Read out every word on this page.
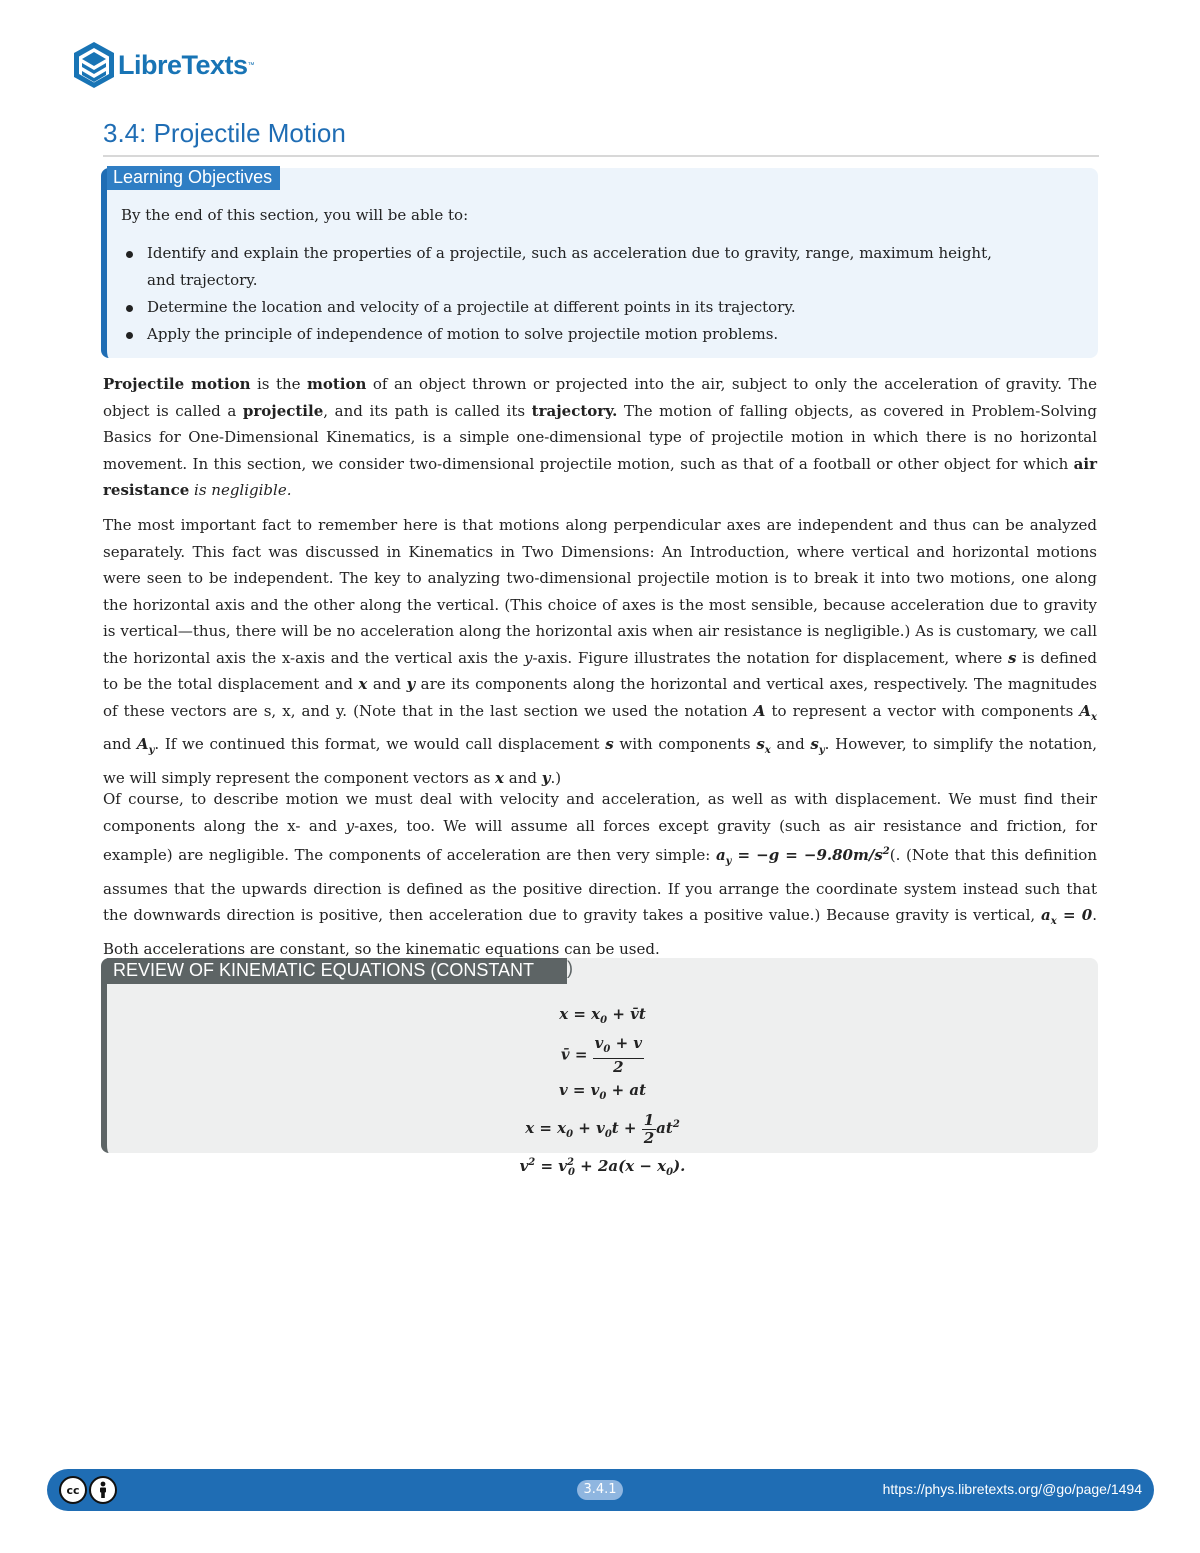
LibreTexts ™
3.4: Projectile Motion
Learning Objectives

By the end of this section, you will be able to:

Identify and explain the properties of a projectile, such as acceleration due to gravity, range, maximum height, and trajectory.
Determine the location and velocity of a projectile at different points in its trajectory.
Apply the principle of independence of motion to solve projectile motion problems.

Projectile motion is the motion of an object thrown or projected into the air, subject to only the acceleration of gravity. The object is called a projectile, and its path is called its trajectory. The motion of falling objects, as covered in Problem-Solving Basics for One-Dimensional Kinematics, is a simple one-dimensional type of projectile motion in which there is no horizontal movement. In this section, we consider two-dimensional projectile motion, such as that of a football or other object for which air resistance is negligible.

The most important fact to remember here is that motions along perpendicular axes are independent and thus can be analyzed separately. This fact was discussed in Kinematics in Two Dimensions: An Introduction, where vertical and horizontal motions were seen to be independent. The key to analyzing two-dimensional projectile motion is to break it into two motions, one along the horizontal axis and the other along the vertical. (This choice of axes is the most sensible, because acceleration due to gravity is vertical—thus, there will be no acceleration along the horizontal axis when air resistance is negligible.) As is customary, we call the horizontal axis the x-axis and the vertical axis the y-axis. Figure illustrates the notation for displacement, where s is defined to be the total displacement and x and y are its components along the horizontal and vertical axes, respectively. The magnitudes of these vectors are s, x, and y. (Note that in the last section we used the notation A to represent a vector with components $A_x$ and $A_y$. If we continued this format, we would call displacement s with components $s_x$ and $s_y$. However, to simplify the notation, we will simply represent the component vectors as x and y.)

Of course, to describe motion we must deal with velocity and acceleration, as well as with displacement. We must find their components along the x- and y-axes, too. We will assume all forces except gravity (such as air resistance and friction, for example) are negligible. The components of acceleration are then very simple: $a_y = -g = -9.80m/s^2$(. (Note that this definition assumes that the upwards direction is defined as the positive direction. If you arrange the coordinate system instead such that the downwards direction is positive, then acceleration due to gravity takes a positive value.) Because gravity is vertical, $a_x = 0$. Both accelerations are constant, so the kinematic equations can be used.

REVIEW OF KINEMATIC EQUATIONS (CONSTANT	)
$x = x_0$ + v̄t
v̄ = $\frac{v_0 + v}{2}$
$v = v_0$ + at
$x = x_0 + v_0t + \frac{1}{2} at^2$
$v^2 = v^2_0 + 2a(x - x_0)$.
cc	3.4.1	https://phys.libretexts.org/@go/page/1494
